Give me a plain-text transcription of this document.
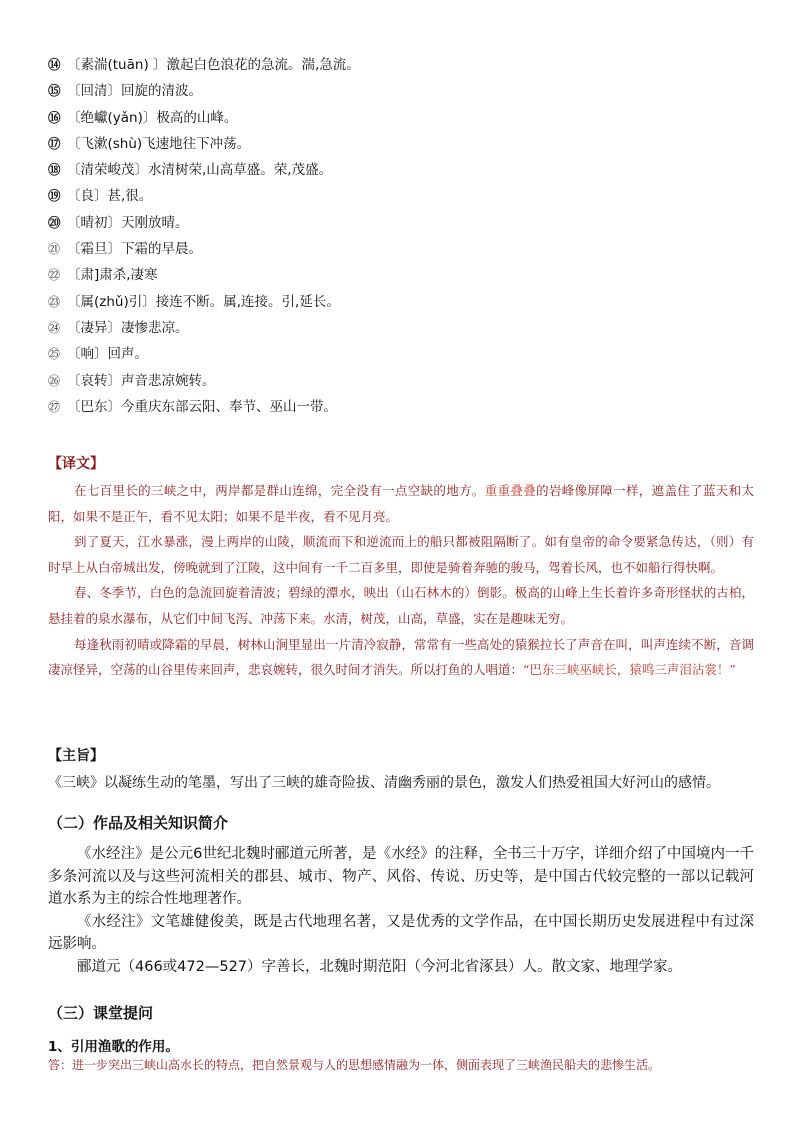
⑭ 〔素湍(tuān) 〕激起白色浪花的急流。湍,急流。
⑮ 〔回清〕回旋的清波。
⑯ 〔绝巘(yǎn)〕极高的山峰。
⑰ 〔飞漱(shù)飞速地往下冲荡。
⑱ 〔清荣峻茂〕水清树荣,山高草盛。荣,茂盛。
⑲ 〔良〕甚,很。
⑳ 〔晴初〕天刚放晴。
㉑ 〔霜旦〕下霜的早晨。
㉒ 〔肃]肃杀,凄寒
㉓ 〔属(zhǔ)引〕接连不断。属,连接。引,延长。
㉔ 〔凄异〕凄惨悲凉。
㉕ 〔响〕回声。
㉖ 〔哀转〕声音悲凉婉转。
㉗ 〔巴东〕今重庆东部云阳、奉节、巫山一带。
【译文】

在七百里长的三峡之中，两岸都是群山连绵，完全没有一点空缺的地方。重重叠叠的岩峰像屏障一样，遮盖住了蓝天和太阳，如果不是正午，看不见太阳；如果不是半夜，看不见月亮。

到了夏天，江水暴涨，漫上两岸的山陵，顺流而下和逆流而上的船只都被阻隔断了。如有皇帝的命令要紧急传达，（则）有时早上从白帝城出发，傍晚就到了江陵，这中间有一千二百多里，即使是骑着奔驰的骏马，驾着长风，也不如船行得快啊。

春、冬季节，白色的急流回旋着清波；碧绿的潭水，映出（山石林木的）倒影。极高的山峰上生长着许多奇形怪状的古柏，悬挂着的泉水瀑布，从它们中间飞泻、冲荡下来。水清，树茂，山高，草盛，实在是趣味无穷。

每逢秋雨初晴或降霜的早晨，树林山涧里显出一片清冷寂静，常常有一些高处的猿猴拉长了声音在叫，叫声连续不断，音调凄凉怪异，空荡的山谷里传来回声，悲哀婉转，很久时间才消失。所以打鱼的人唱道：“巴东三峡巫峡长，猿鸣三声泪沾裳！”

【主旨】
《三峡》以凝练生动的笔墨，写出了三峡的雄奇险拔、清幽秀丽的景色，激发人们热爱祖国大好河山的感情。
（二）作品及相关知识简介

《水经注》是公元6世纪北魏时郦道元所著，是《水经》的注释，全书三十万字，详细介绍了中国境内一千多条河流以及与这些河流相关的郡县、城市、物产、风俗、传说、历史等，是中国古代较完整的一部以记载河道水系为主的综合性地理著作。

《水经注》文笔雄健俊美，既是古代地理名著，又是优秀的文学作品，在中国长期历史发展进程中有过深远影响。

郦道元（466或472—527）字善长，北魏时期范阳（今河北省涿县）人。散文家、地理学家。

（三）课堂提问
1、引用渔歌的作用。
答：进一步突出三峡山高水长的特点，把自然景观与人的思想感情融为一体，侧面表现了三峡渔民船夫的悲惨生活。
